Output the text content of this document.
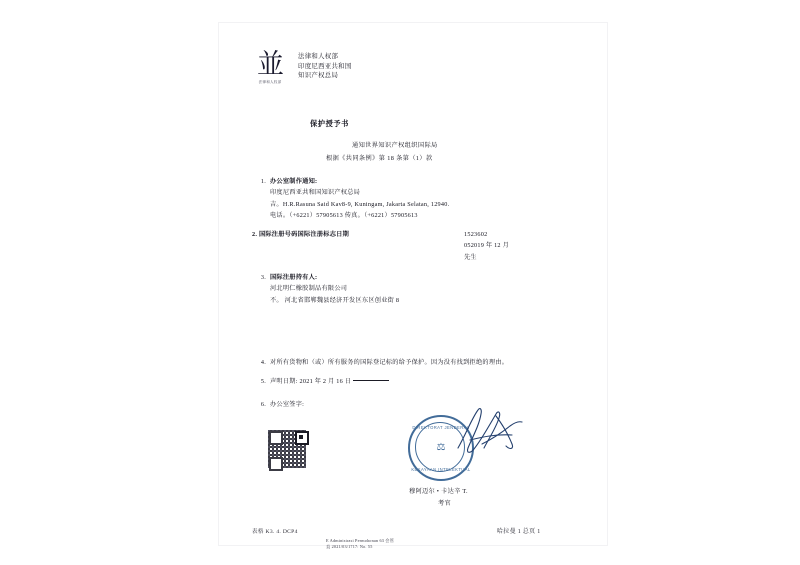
並
法律和人权部
法律和人权部
印度尼西亚共和国
知识产权总局
保护授予书
通知世界知识产权组织国际局
根据《共同条例》第 18 条第（1）款
1. 办公室制作通知:
印度尼西亚共和国知识产权总局
吉。H.R.Rasuna Said Kav8-9, Kuningam, Jakarta Selatan, 12940.
电话。（+6221）57905613 传真。（+6221）57905613
2. 国际注册号码国际注册标志日期	1523602
052019 年 12 月
先生
3. 国际注册持有人:
河北明仁橡胶制品有限公司
不。 河北省邯郸魏县经济开发区东区创业街 8
4. 对所有货物和（或）所有服务的国际登记标的给予保护。因为没有找到拒绝的理由。
5. 声明日期: 2021 年 2 月 16 日
6. 办公室签字:
DIREKTORAT JENDERAL
⚖
KEKAYAAN INTELEKTUAL
穆阿迈尔 • 卡达辛 T.
考官
表格 K3. 4. DCP4	哈拉曼 1 总页 1
E Administrasi Permohonan 63 会管
直 2021/03/1717: No. 55
